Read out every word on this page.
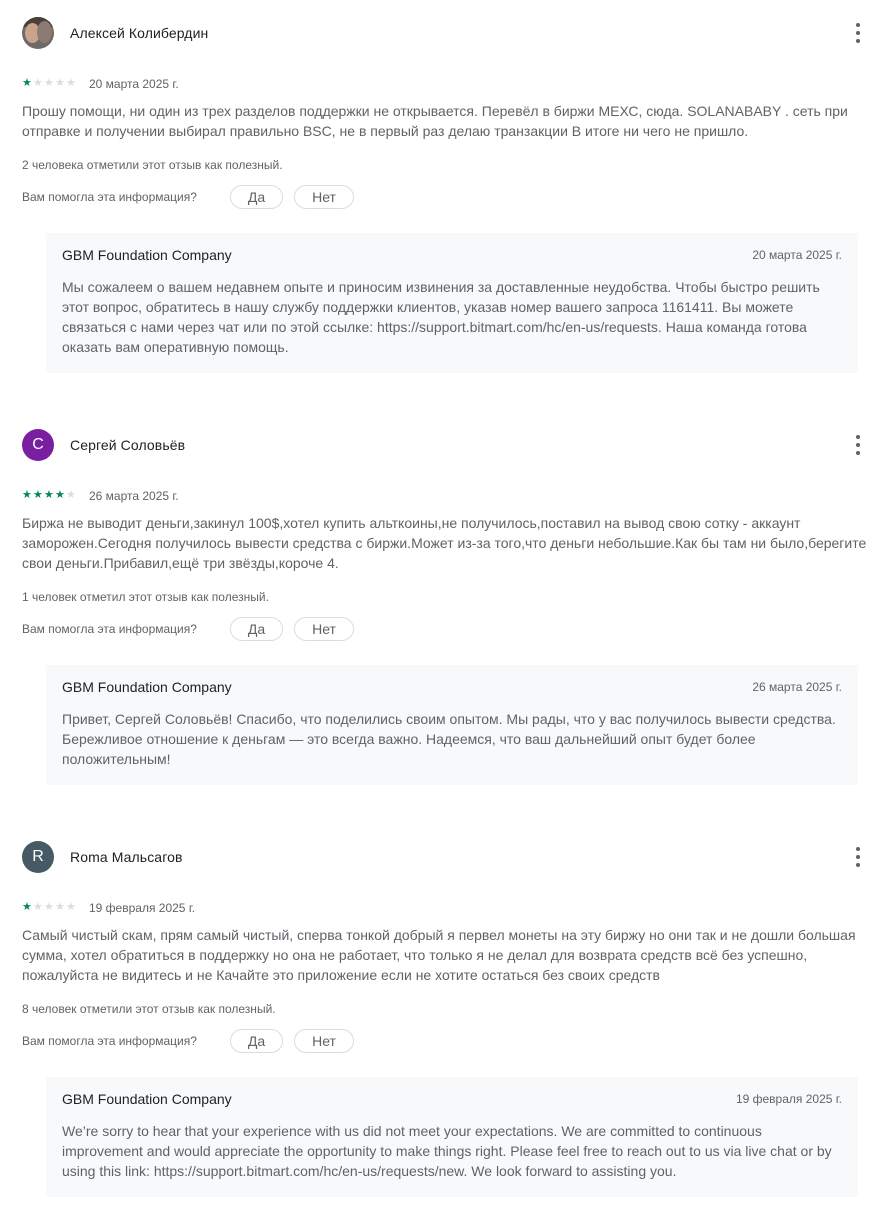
Алексей Колибердин
★ ★ ★ ★ ★ 20 марта 2025 г.
Прошу помощи, ни один из трех разделов поддержки не открывается. Перевёл в биржи МЕХС, сюда. SOLANABABY . сеть при отправке и получении выбирал правильно BSC, не в первый раз делаю транзакции В итоге ни чего не пришло.
2 человека отметили этот отзыв как полезный.
Вам помогла эта информация?	Да	Нет
GBM Foundation Company	20 марта 2025 г.
Мы сожалеем о вашем недавнем опыте и приносим извинения за доставленные неудобства. Чтобы быстро решить этот вопрос, обратитесь в нашу службу поддержки клиентов, указав номер вашего запроса 1161411. Вы можете связаться с нами через чат или по этой ссылке: https://support.bitmart.com/hc/en-us/requests. Наша команда готова оказать вам оперативную помощь.
С	Сергей Соловьёв
★ ★ ★ ★ ★ 26 марта 2025 г.
Биржа не выводит деньги,закинул 100$,хотел купить альткоины,не получилось,поставил на вывод свою сотку - аккаунт заморожен.Сегодня получилось вывести средства с биржи.Может из-за того,что деньги небольшие.Как бы там ни было,берегите свои деньги.Прибавил,ещё три звёзды,короче 4.
1 человек отметил этот отзыв как полезный.
Вам помогла эта информация?	Да	Нет
GBM Foundation Company	26 марта 2025 г.
Привет, Сергей Соловьёв! Спасибо, что поделились своим опытом. Мы рады, что у вас получилось вывести средства. Бережливое отношение к деньгам — это всегда важно. Надеемся, что ваш дальнейший опыт будет более положительным!
R	Roma Мальсагов
★ ★ ★ ★ ★ 19 февраля 2025 г.
Самый чистый скам, прям самый чистый, сперва тонкой добрый я первел монеты на эту биржу но они так и не дошли большая сумма, хотел обратиться в поддержку но она не работает, что только я не делал для возврата средств всё без успешно, пожалуйста не видитесь и не Качайте это приложение если не хотите остаться без своих средств
8 человек отметили этот отзыв как полезный.
Вам помогла эта информация?	Да	Нет
GBM Foundation Company	19 февраля 2025 г.
We’re sorry to hear that your experience with us did not meet your expectations. We are committed to continuous improvement and would appreciate the opportunity to make things right. Please feel free to reach out to us via live chat or by using this link: https://support.bitmart.com/hc/en-us/requests/new. We look forward to assisting you.
